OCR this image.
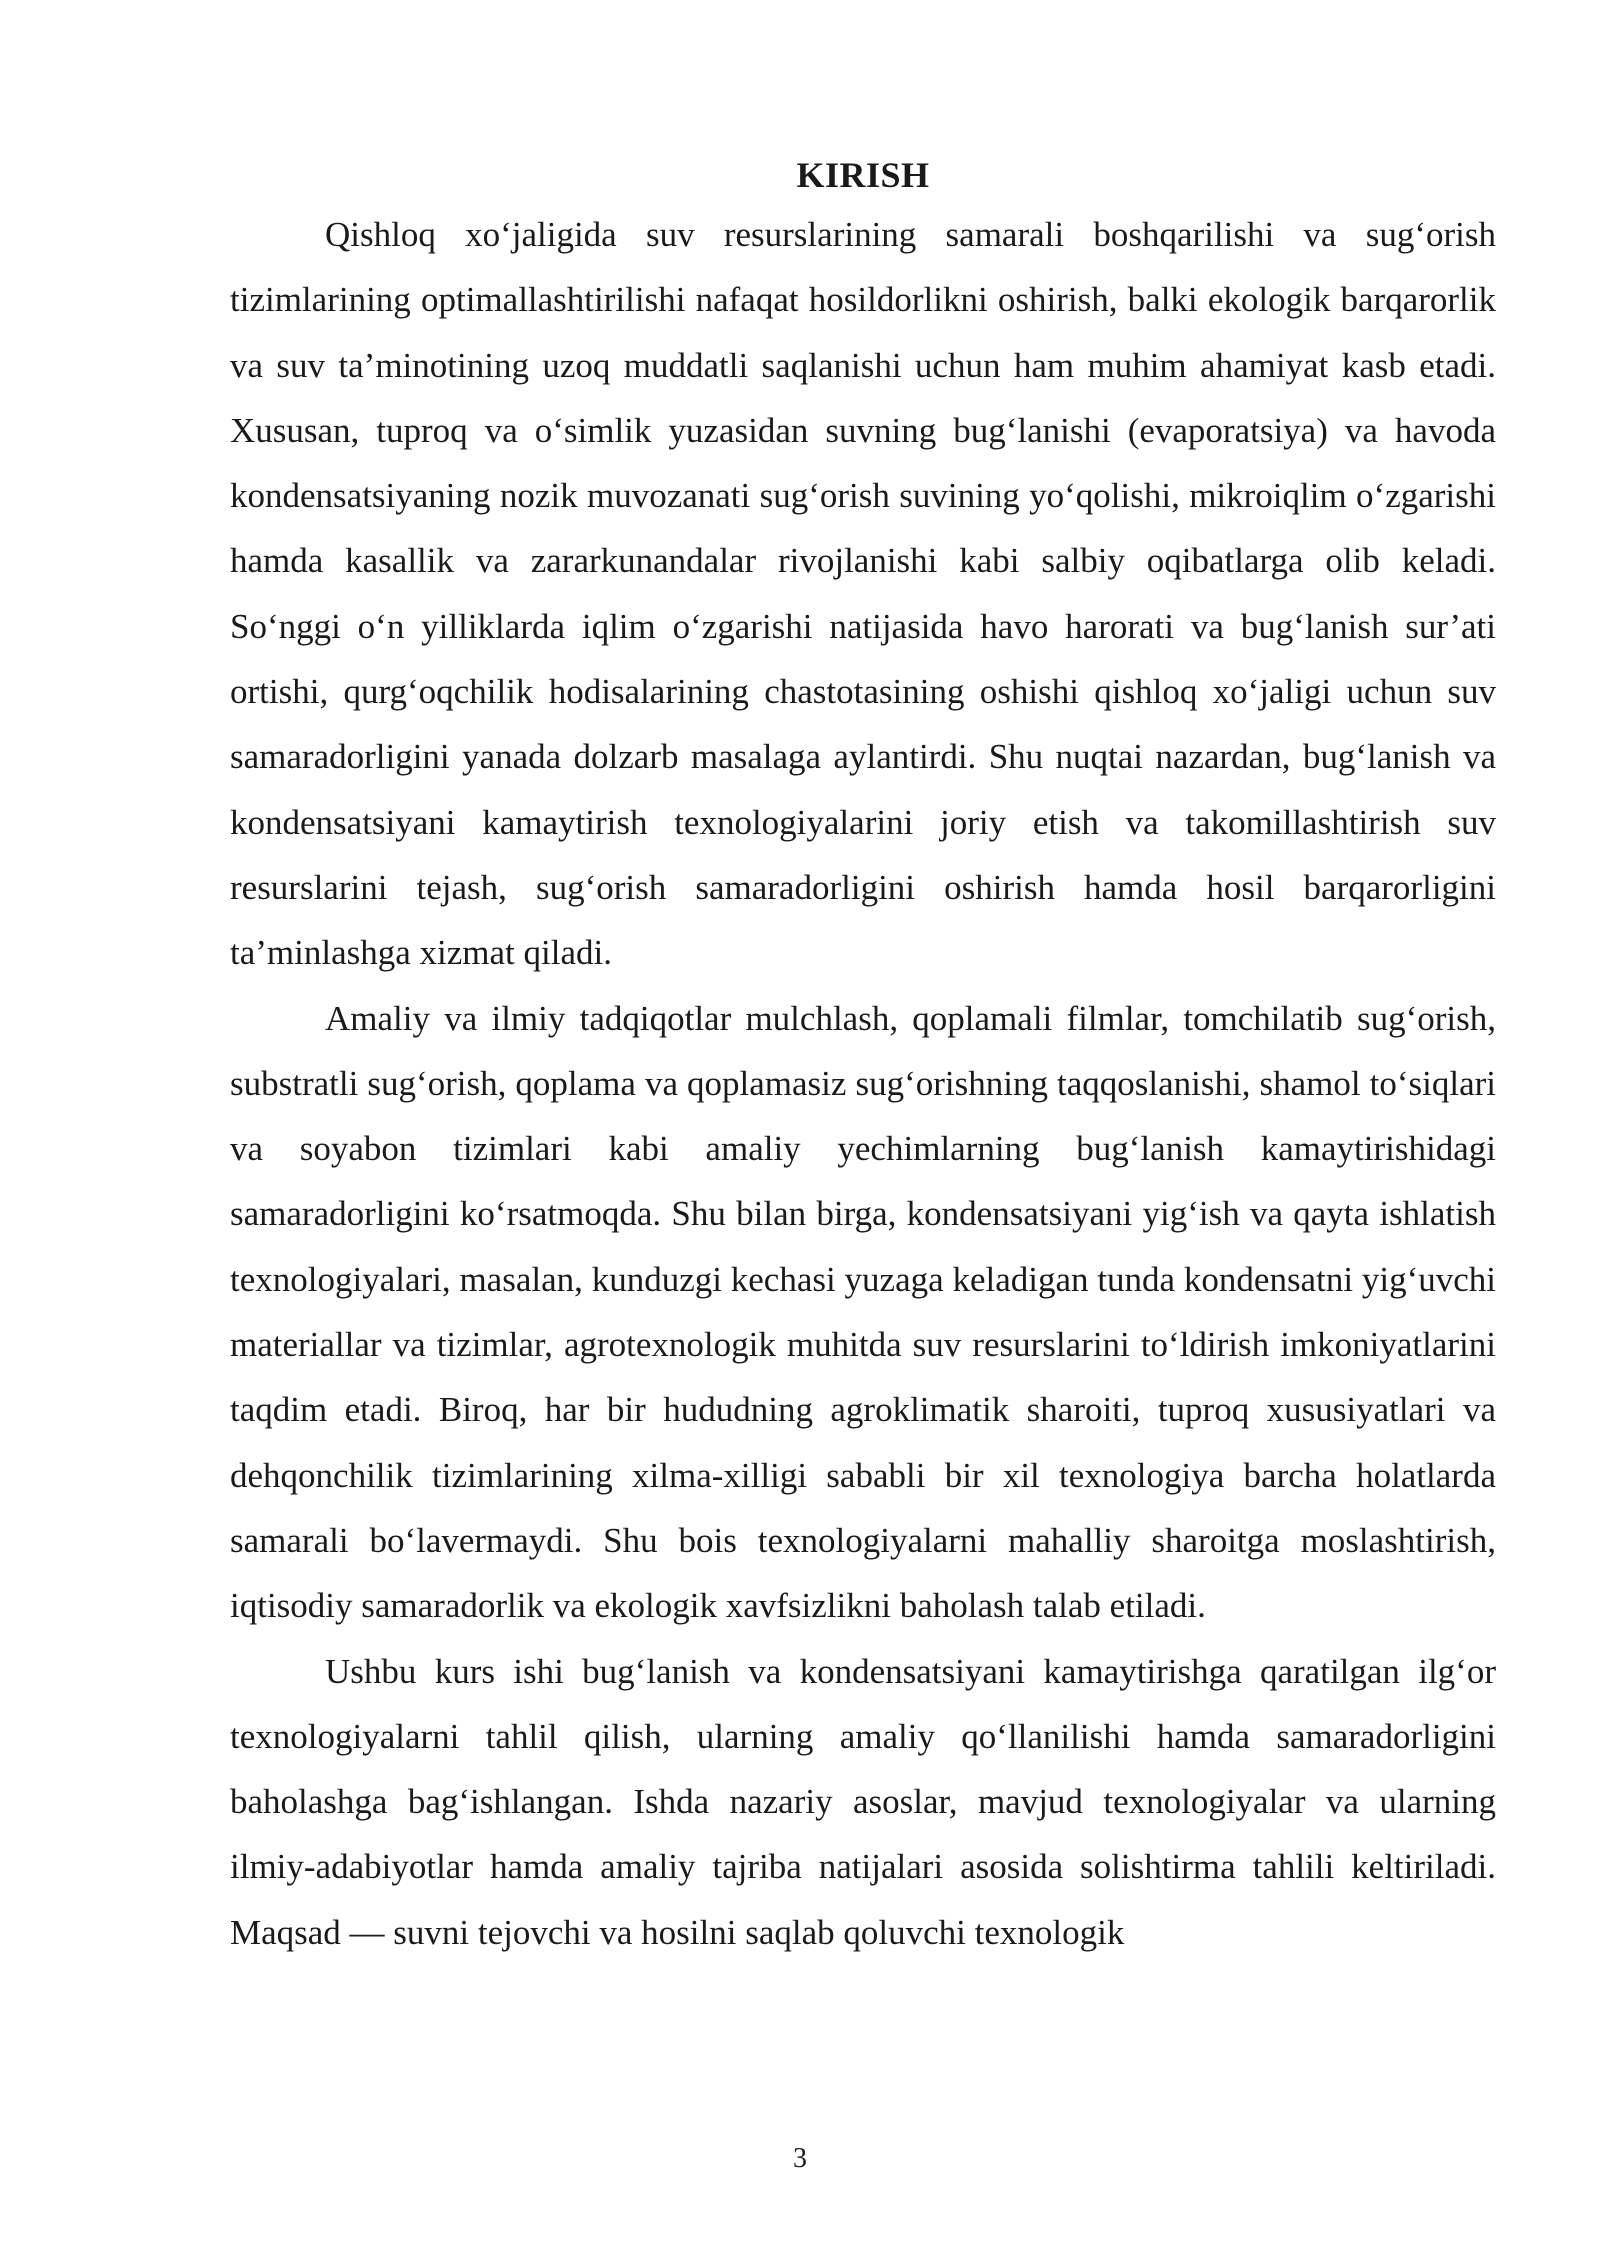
KIRISH

Qishloq xo‘jaligida suv resurslarining samarali boshqarilishi va sug‘orish tizimlarining optimallashtirilishi nafaqat hosildorlikni oshirish, balki ekologik barqarorlik va suv ta’minotining uzoq muddatli saqlanishi uchun ham muhim ahamiyat kasb etadi. Xususan, tuproq va o‘simlik yuzasidan suvning bug‘lanishi (evaporatsiya) va havoda kondensatsiyaning nozik muvozanati sug‘orish suvining yo‘qolishi, mikroiqlim o‘zgarishi hamda kasallik va zararkunandalar rivojlanishi kabi salbiy oqibatlarga olib keladi. So‘nggi o‘n yilliklarda iqlim o‘zgarishi natijasida havo harorati va bug‘lanish sur’ati ortishi, qurg‘oqchilik hodisalarining chastotasining oshishi qishloq xo‘jaligi uchun suv samaradorligini yanada dolzarb masalaga aylantirdi. Shu nuqtai nazardan, bug‘lanish va kondensatsiyani kamaytirish texnologiyalarini joriy etish va takomillashtirish suv resurslarini tejash, sug‘orish samaradorligini oshirish hamda hosil barqarorligini ta’minlashga xizmat qiladi.

Amaliy va ilmiy tadqiqotlar mulchlash, qoplamali filmlar, tomchilatib sug‘orish, substratli sug‘orish, qoplama va qoplamasiz sug‘orishning taqqoslanishi, shamol to‘siqlari va soyabon tizimlari kabi amaliy yechimlarning bug‘lanish kamaytirishidagi samaradorligini ko‘rsatmoqda. Shu bilan birga, kondensatsiyani yig‘ish va qayta ishlatish texnologiyalari, masalan, kunduzgi kechasi yuzaga keladigan tunda kondensatni yig‘uvchi materiallar va tizimlar, agrotexnologik muhitda suv resurslarini to‘ldirish imkoniyatlarini taqdim etadi. Biroq, har bir hududning agroklimatik sharoiti, tuproq xususiyatlari va dehqonchilik tizimlarining xilma-xilligi sababli bir xil texnologiya barcha holatlarda samarali bo‘lavermaydi. Shu bois texnologiyalarni mahalliy sharoitga moslashtirish, iqtisodiy samaradorlik va ekologik xavfsizlikni baholash talab etiladi.

Ushbu kurs ishi bug‘lanish va kondensatsiyani kamaytirishga qaratilgan ilg‘or texnologiyalarni tahlil qilish, ularning amaliy qo‘llanilishi hamda samaradorligini baholashga bag‘ishlangan. Ishda nazariy asoslar, mavjud texnologiyalar va ularning ilmiy-adabiyotlar hamda amaliy tajriba natijalari asosida solishtirma tahlili keltiriladi. Maqsad — suvni tejovchi va hosilni saqlab qoluvchi texnologik

3
